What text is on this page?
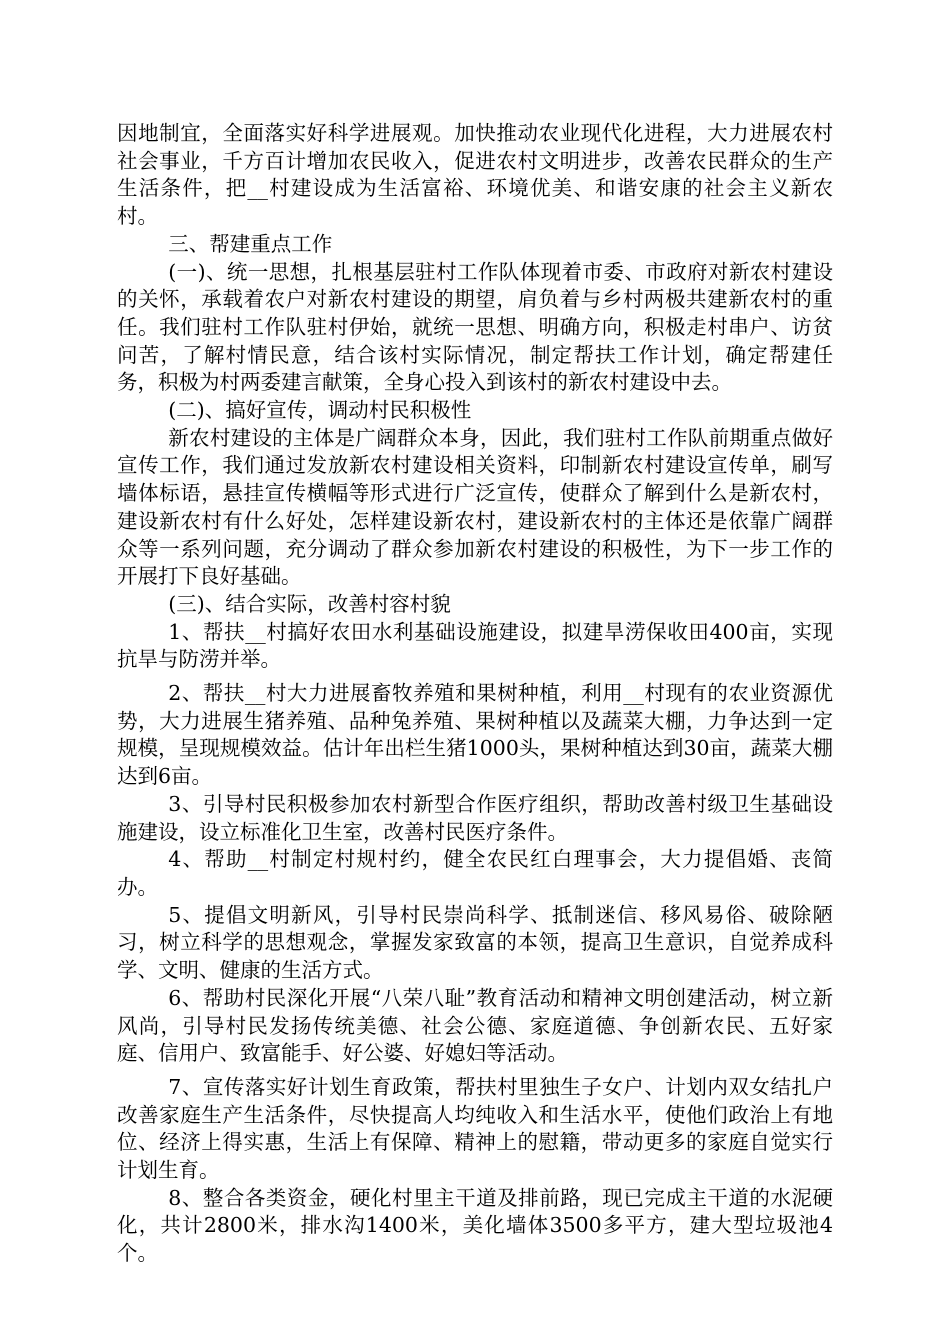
因地制宜，全面落实好科学进展观。加快推动农业现代化进程，大力进展农村社会事业，千方百计增加农民收入，促进农村文明进步，改善农民群众的生产生活条件，把__村建设成为生活富裕、环境优美、和谐安康的社会主义新农村。

三、帮建重点工作

(一)、统一思想，扎根基层驻村工作队体现着市委、市政府对新农村建设的关怀，承载着农户对新农村建设的期望，肩负着与乡村两极共建新农村的重任。我们驻村工作队驻村伊始，就统一思想、明确方向，积极走村串户、访贫问苦，了解村情民意，结合该村实际情况，制定帮扶工作计划，确定帮建任务，积极为村两委建言献策，全身心投入到该村的新农村建设中去。

(二)、搞好宣传，调动村民积极性

新农村建设的主体是广阔群众本身，因此，我们驻村工作队前期重点做好宣传工作，我们通过发放新农村建设相关资料，印制新农村建设宣传单，刷写墙体标语，悬挂宣传横幅等形式进行广泛宣传，使群众了解到什么是新农村，建设新农村有什么好处，怎样建设新农村，建设新农村的主体还是依靠广阔群众等一系列问题，充分调动了群众参加新农村建设的积极性，为下一步工作的开展打下良好基础。

(三)、结合实际，改善村容村貌

1、帮扶__村搞好农田水利基础设施建设，拟建旱涝保收田400亩，实现抗旱与防涝并举。

2、帮扶__村大力进展畜牧养殖和果树种植，利用__村现有的农业资源优势，大力进展生猪养殖、品种兔养殖、果树种植以及蔬菜大棚，力争达到一定规模，呈现规模效益。估计年出栏生猪1000头，果树种植达到30亩，蔬菜大棚达到6亩。

3、引导村民积极参加农村新型合作医疗组织，帮助改善村级卫生基础设施建设，设立标准化卫生室，改善村民医疗条件。

4、帮助__村制定村规村约，健全农民红白理事会，大力提倡婚、丧简办。

5、提倡文明新风，引导村民崇尚科学、抵制迷信、移风易俗、破除陋习，树立科学的思想观念，掌握发家致富的本领，提高卫生意识，自觉养成科学、文明、健康的生活方式。

6、帮助村民深化开展“八荣八耻”教育活动和精神文明创建活动，树立新风尚，引导村民发扬传统美德、社会公德、家庭道德、争创新农民、五好家庭、信用户、致富能手、好公婆、好媳妇等活动。

7、宣传落实好计划生育政策，帮扶村里独生子女户、计划内双女结扎户改善家庭生产生活条件，尽快提高人均纯收入和生活水平，使他们政治上有地位、经济上得实惠，生活上有保障、精神上的慰籍，带动更多的家庭自觉实行计划生育。

8、整合各类资金，硬化村里主干道及排前路，现已完成主干道的水泥硬化，共计2800米，排水沟1400米，美化墙体3500多平方，建大型垃圾池4个。
